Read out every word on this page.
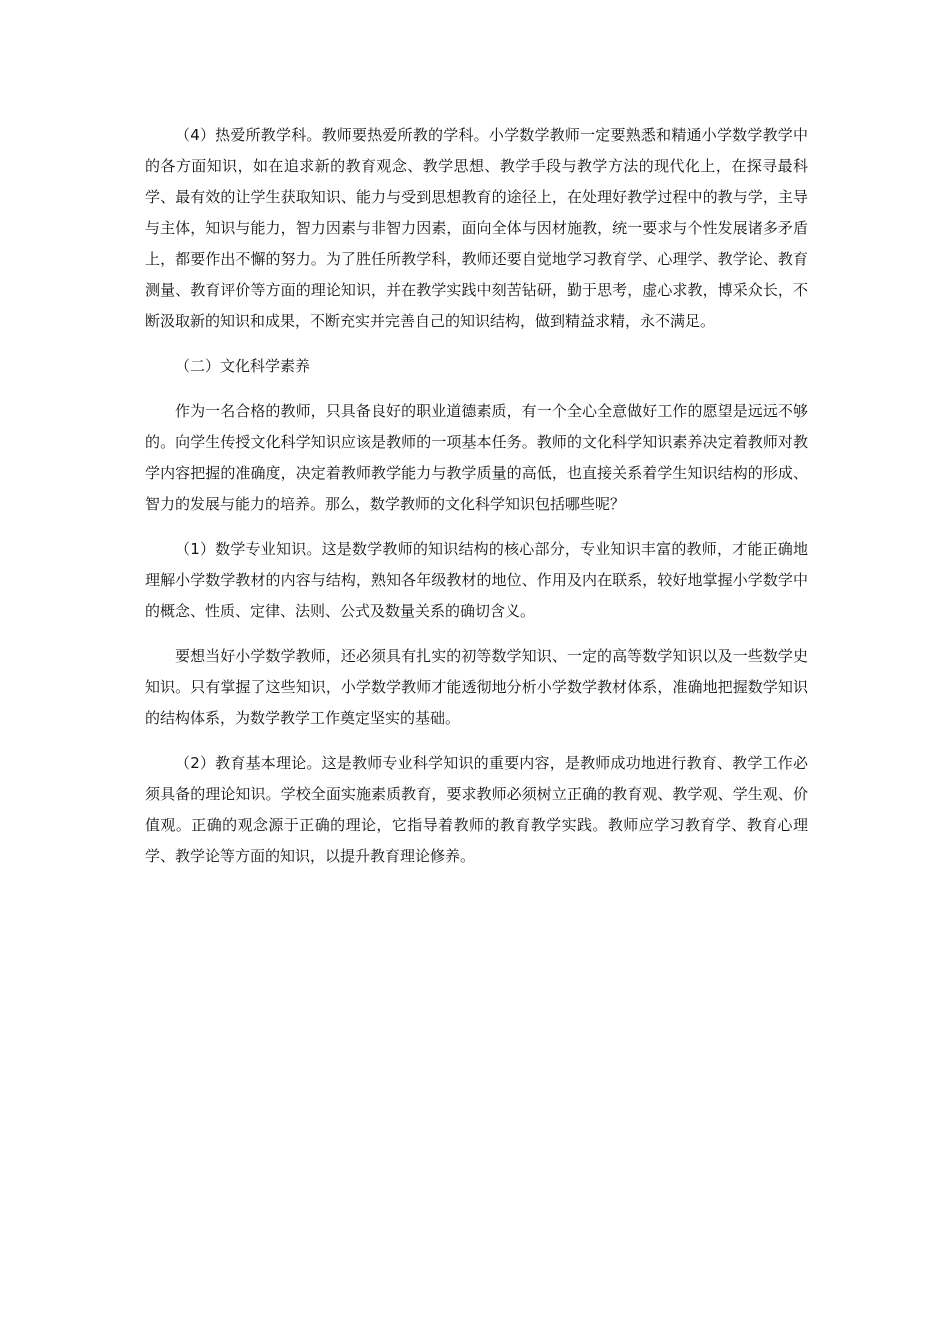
（4）热爱所教学科。教师要热爱所教的学科。小学数学教师一定要熟悉和精通小学数学教学中的各方面知识，如在追求新的教育观念、教学思想、教学手段与教学方法的现代化上，在探寻最科学、最有效的让学生获取知识、能力与受到思想教育的途径上，在处理好教学过程中的教与学，主导与主体，知识与能力，智力因素与非智力因素，面向全体与因材施教，统一要求与个性发展诸多矛盾上，都要作出不懈的努力。为了胜任所教学科，教师还要自觉地学习教育学、心理学、教学论、教育测量、教育评价等方面的理论知识，并在教学实践中刻苦钻研，勤于思考，虚心求教，博采众长，不断汲取新的知识和成果，不断充实并完善自己的知识结构，做到精益求精，永不满足。

（二）文化科学素养

作为一名合格的教师，只具备良好的职业道德素质，有一个全心全意做好工作的愿望是远远不够的。向学生传授文化科学知识应该是教师的一项基本任务。教师的文化科学知识素养决定着教师对教学内容把握的准确度，决定着教师教学能力与教学质量的高低，也直接关系着学生知识结构的形成、智力的发展与能力的培养。那么，数学教师的文化科学知识包括哪些呢？

（1）数学专业知识。这是数学教师的知识结构的核心部分，专业知识丰富的教师，才能正确地理解小学数学教材的内容与结构，熟知各年级教材的地位、作用及内在联系，较好地掌握小学数学中的概念、性质、定律、法则、公式及数量关系的确切含义。

要想当好小学数学教师，还必须具有扎实的初等数学知识、一定的高等数学知识以及一些数学史知识。只有掌握了这些知识，小学数学教师才能透彻地分析小学数学教材体系，准确地把握数学知识的结构体系，为数学教学工作奠定坚实的基础。

（2）教育基本理论。这是教师专业科学知识的重要内容，是教师成功地进行教育、教学工作必须具备的理论知识。学校全面实施素质教育，要求教师必须树立正确的教育观、教学观、学生观、价值观。正确的观念源于正确的理论，它指导着教师的教育教学实践。教师应学习教育学、教育心理学、教学论等方面的知识，以提升教育理论修养。
